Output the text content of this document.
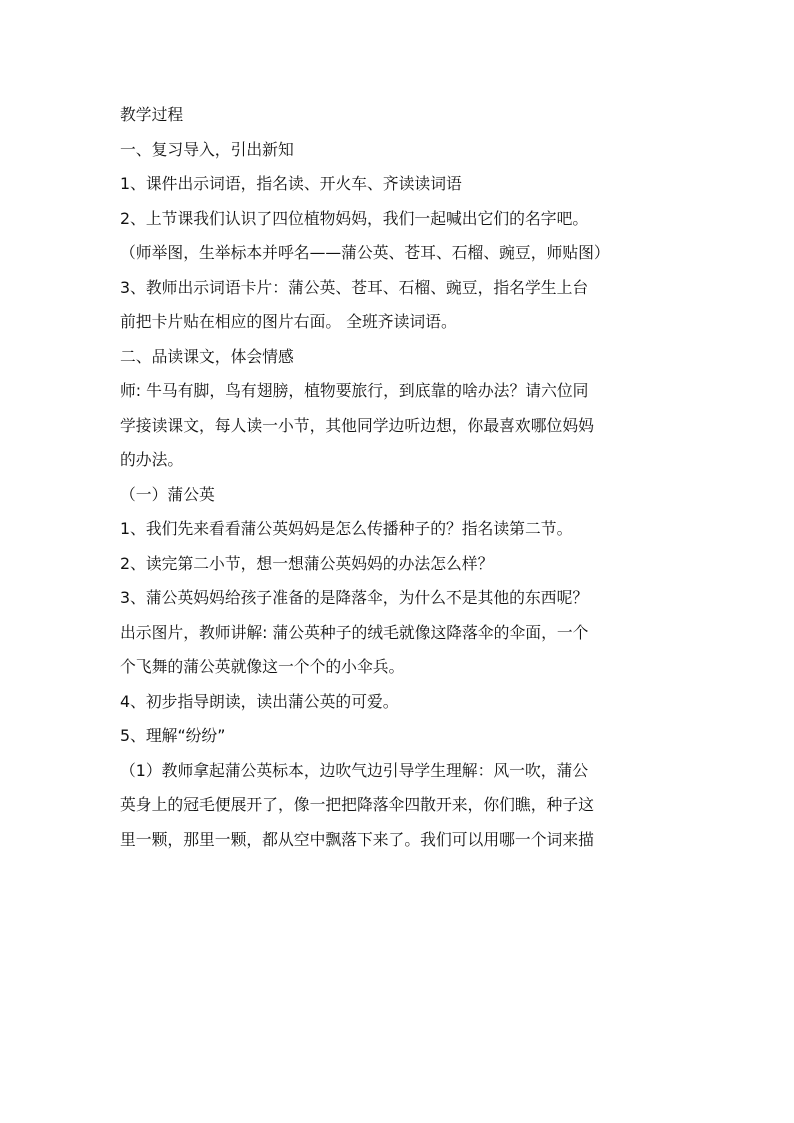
教学过程
一、复习导入，引出新知
1、课件出示词语，指名读、开火车、齐读读词语
2、上节课我们认识了四位植物妈妈，我们一起喊出它们的名字吧。
（师举图，生举标本并呼名——蒲公英、苍耳、石榴、豌豆，师贴图）
3、教师出示词语卡片：蒲公英、苍耳、石榴、豌豆，指名学生上台
前把卡片贴在相应的图片右面。 全班齐读词语。
二、品读课文，体会情感
师: 牛马有脚，鸟有翅膀，植物要旅行，到底靠的啥办法？请六位同
学接读课文，每人读一小节，其他同学边听边想，你最喜欢哪位妈妈
的办法。
（一）蒲公英
1、我们先来看看蒲公英妈妈是怎么传播种子的？指名读第二节。
2、读完第二小节，想一想蒲公英妈妈的办法怎么样？
3、蒲公英妈妈给孩子准备的是降落伞，为什么不是其他的东西呢？
出示图片，教师讲解: 蒲公英种子的绒毛就像这降落伞的伞面，一个
个飞舞的蒲公英就像这一个个的小伞兵。
4、初步指导朗读，读出蒲公英的可爱。
5、理解“纷纷”
（1）教师拿起蒲公英标本，边吹气边引导学生理解：风一吹，蒲公
英身上的冠毛便展开了，像一把把降落伞四散开来，你们瞧，种子这
里一颗，那里一颗，都从空中飘落下来了。我们可以用哪一个词来描
